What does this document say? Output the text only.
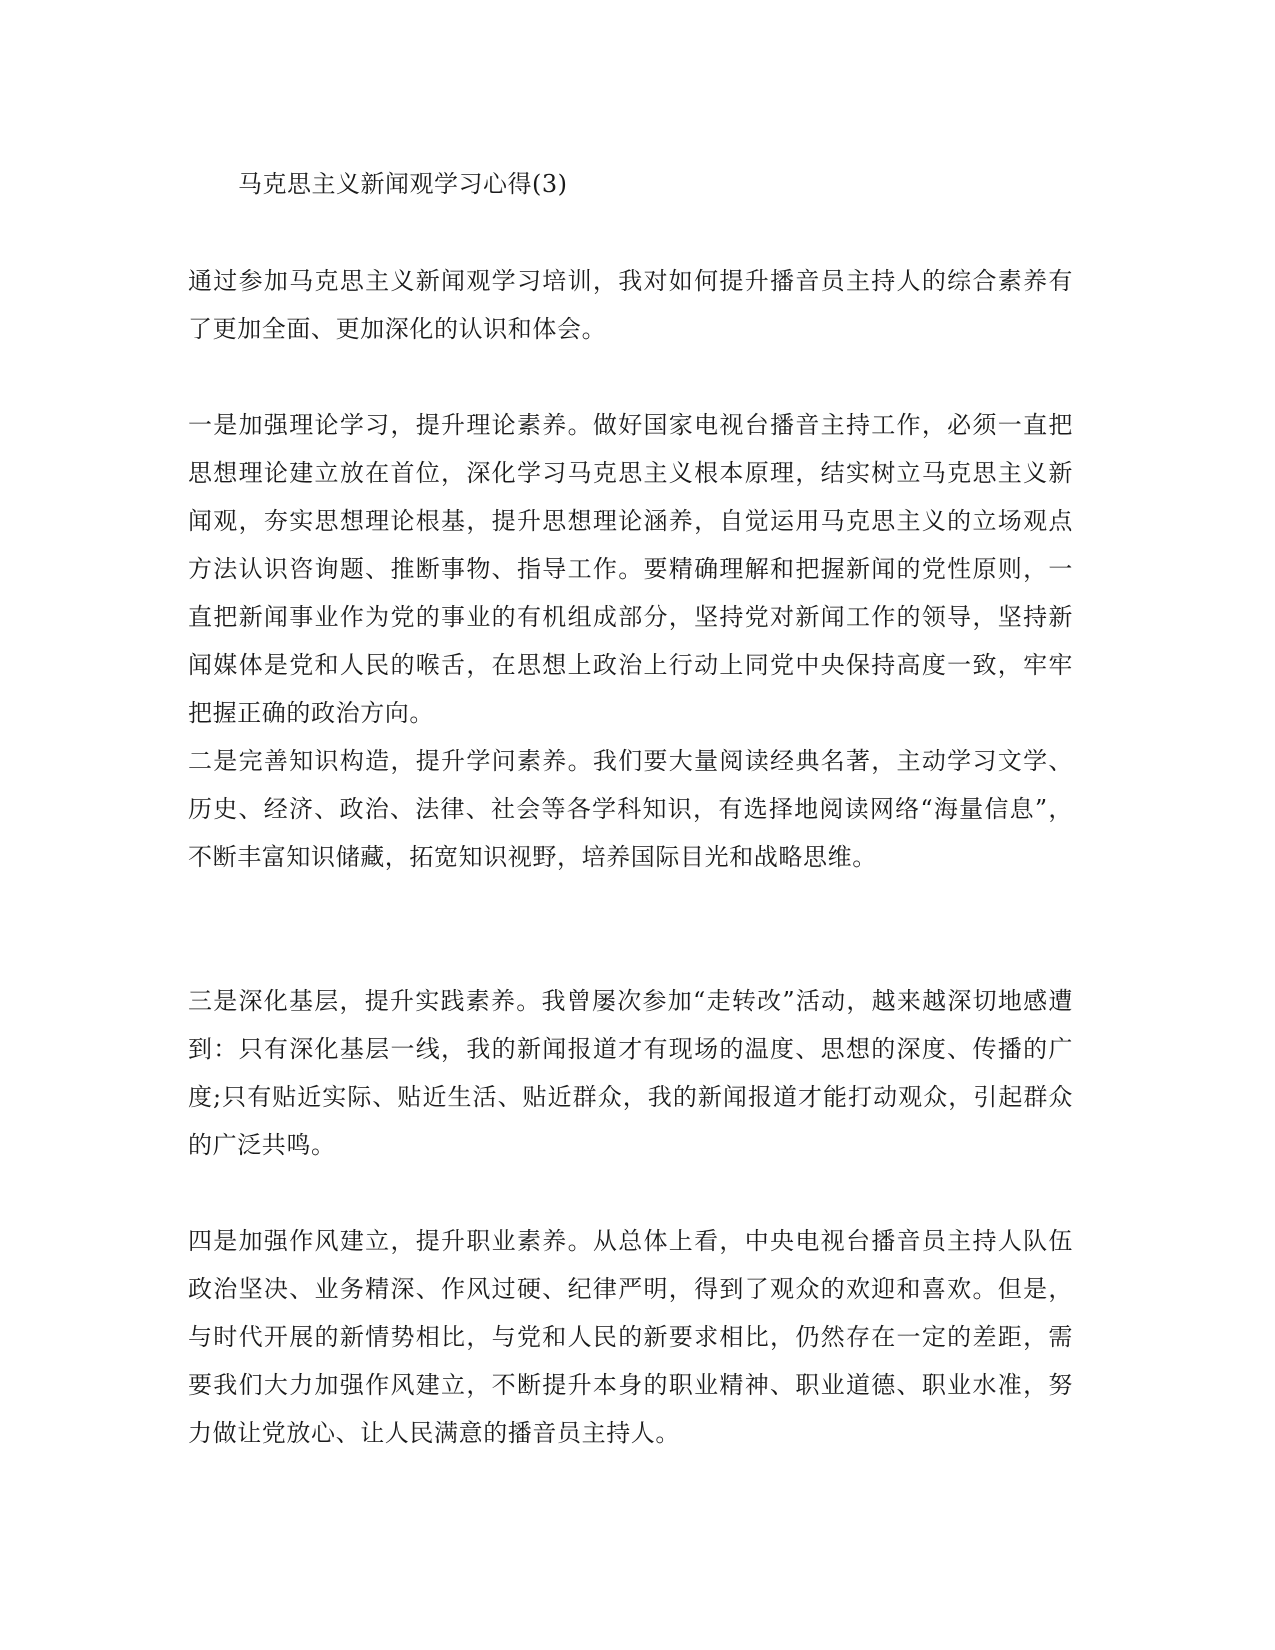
马克思主义新闻观学习心得(3)

通过参加马克思主义新闻观学习培训，我对如何提升播音员主持人的综合素养有了更加全面、更加深化的认识和体会。

一是加强理论学习，提升理论素养。做好国家电视台播音主持工作，必须一直把思想理论建立放在首位，深化学习马克思主义根本原理，结实树立马克思主义新闻观，夯实思想理论根基，提升思想理论涵养，自觉运用马克思主义的立场观点方法认识咨询题、推断事物、指导工作。要精确理解和把握新闻的党性原则，一直把新闻事业作为党的事业的有机组成部分，坚持党对新闻工作的领导，坚持新闻媒体是党和人民的喉舌，在思想上政治上行动上同党中央保持高度一致，牢牢把握正确的政治方向。

二是完善知识构造，提升学问素养。我们要大量阅读经典名著，主动学习文学、历史、经济、政治、法律、社会等各学科知识，有选择地阅读网络“海量信息”，不断丰富知识储藏，拓宽知识视野，培养国际目光和战略思维。

三是深化基层，提升实践素养。我曾屡次参加“走转改”活动，越来越深切地感遭到：只有深化基层一线，我的新闻报道才有现场的温度、思想的深度、传播的广度;只有贴近实际、贴近生活、贴近群众，我的新闻报道才能打动观众，引起群众的广泛共鸣。

四是加强作风建立，提升职业素养。从总体上看，中央电视台播音员主持人队伍政治坚决、业务精深、作风过硬、纪律严明，得到了观众的欢迎和喜欢。但是，与时代开展的新情势相比，与党和人民的新要求相比，仍然存在一定的差距，需要我们大力加强作风建立，不断提升本身的职业精神、职业道德、职业水准，努力做让党放心、让人民满意的播音员主持人。
